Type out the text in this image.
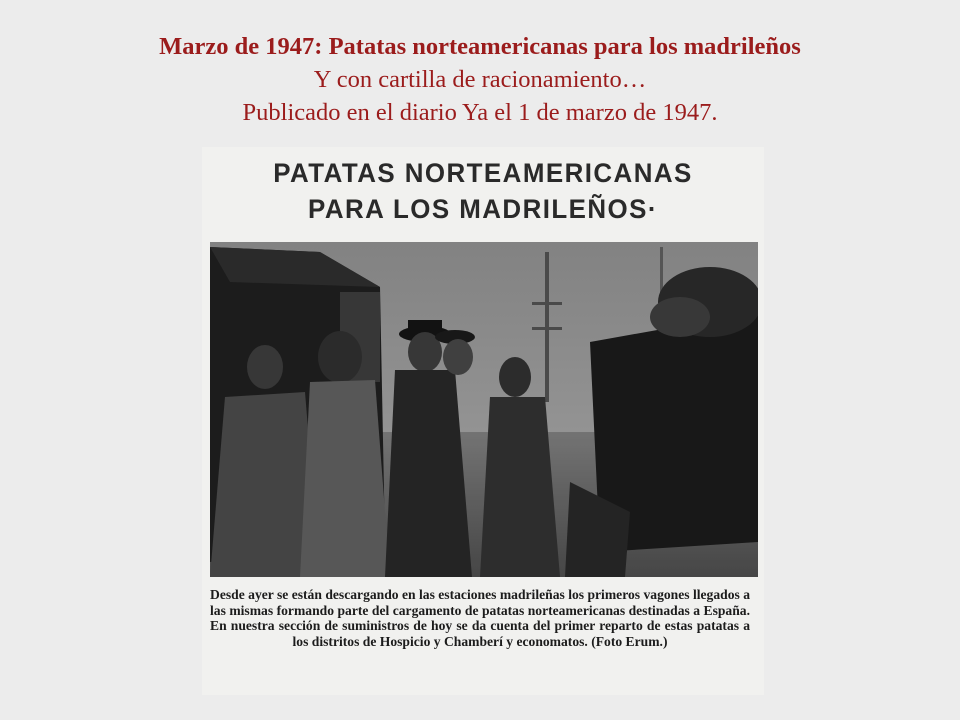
Marzo de 1947: Patatas norteamericanas para los madrileños
Y con cartilla de racionamiento…
Publicado en el diario Ya el 1 de marzo de 1947.
PATATAS NORTEAMERICANAS
PARA LOS MADRILEÑOS·
Desde ayer se están descargando en las estaciones madrileñas los primeros vagones llegados a las mismas formando parte del cargamento de patatas norteamericanas destinadas a España. En nuestra sección de suministros de hoy se da cuenta del primer reparto de estas patatas a los distritos de Hospicio y Chamberí y economatos. (Foto Erum.)
